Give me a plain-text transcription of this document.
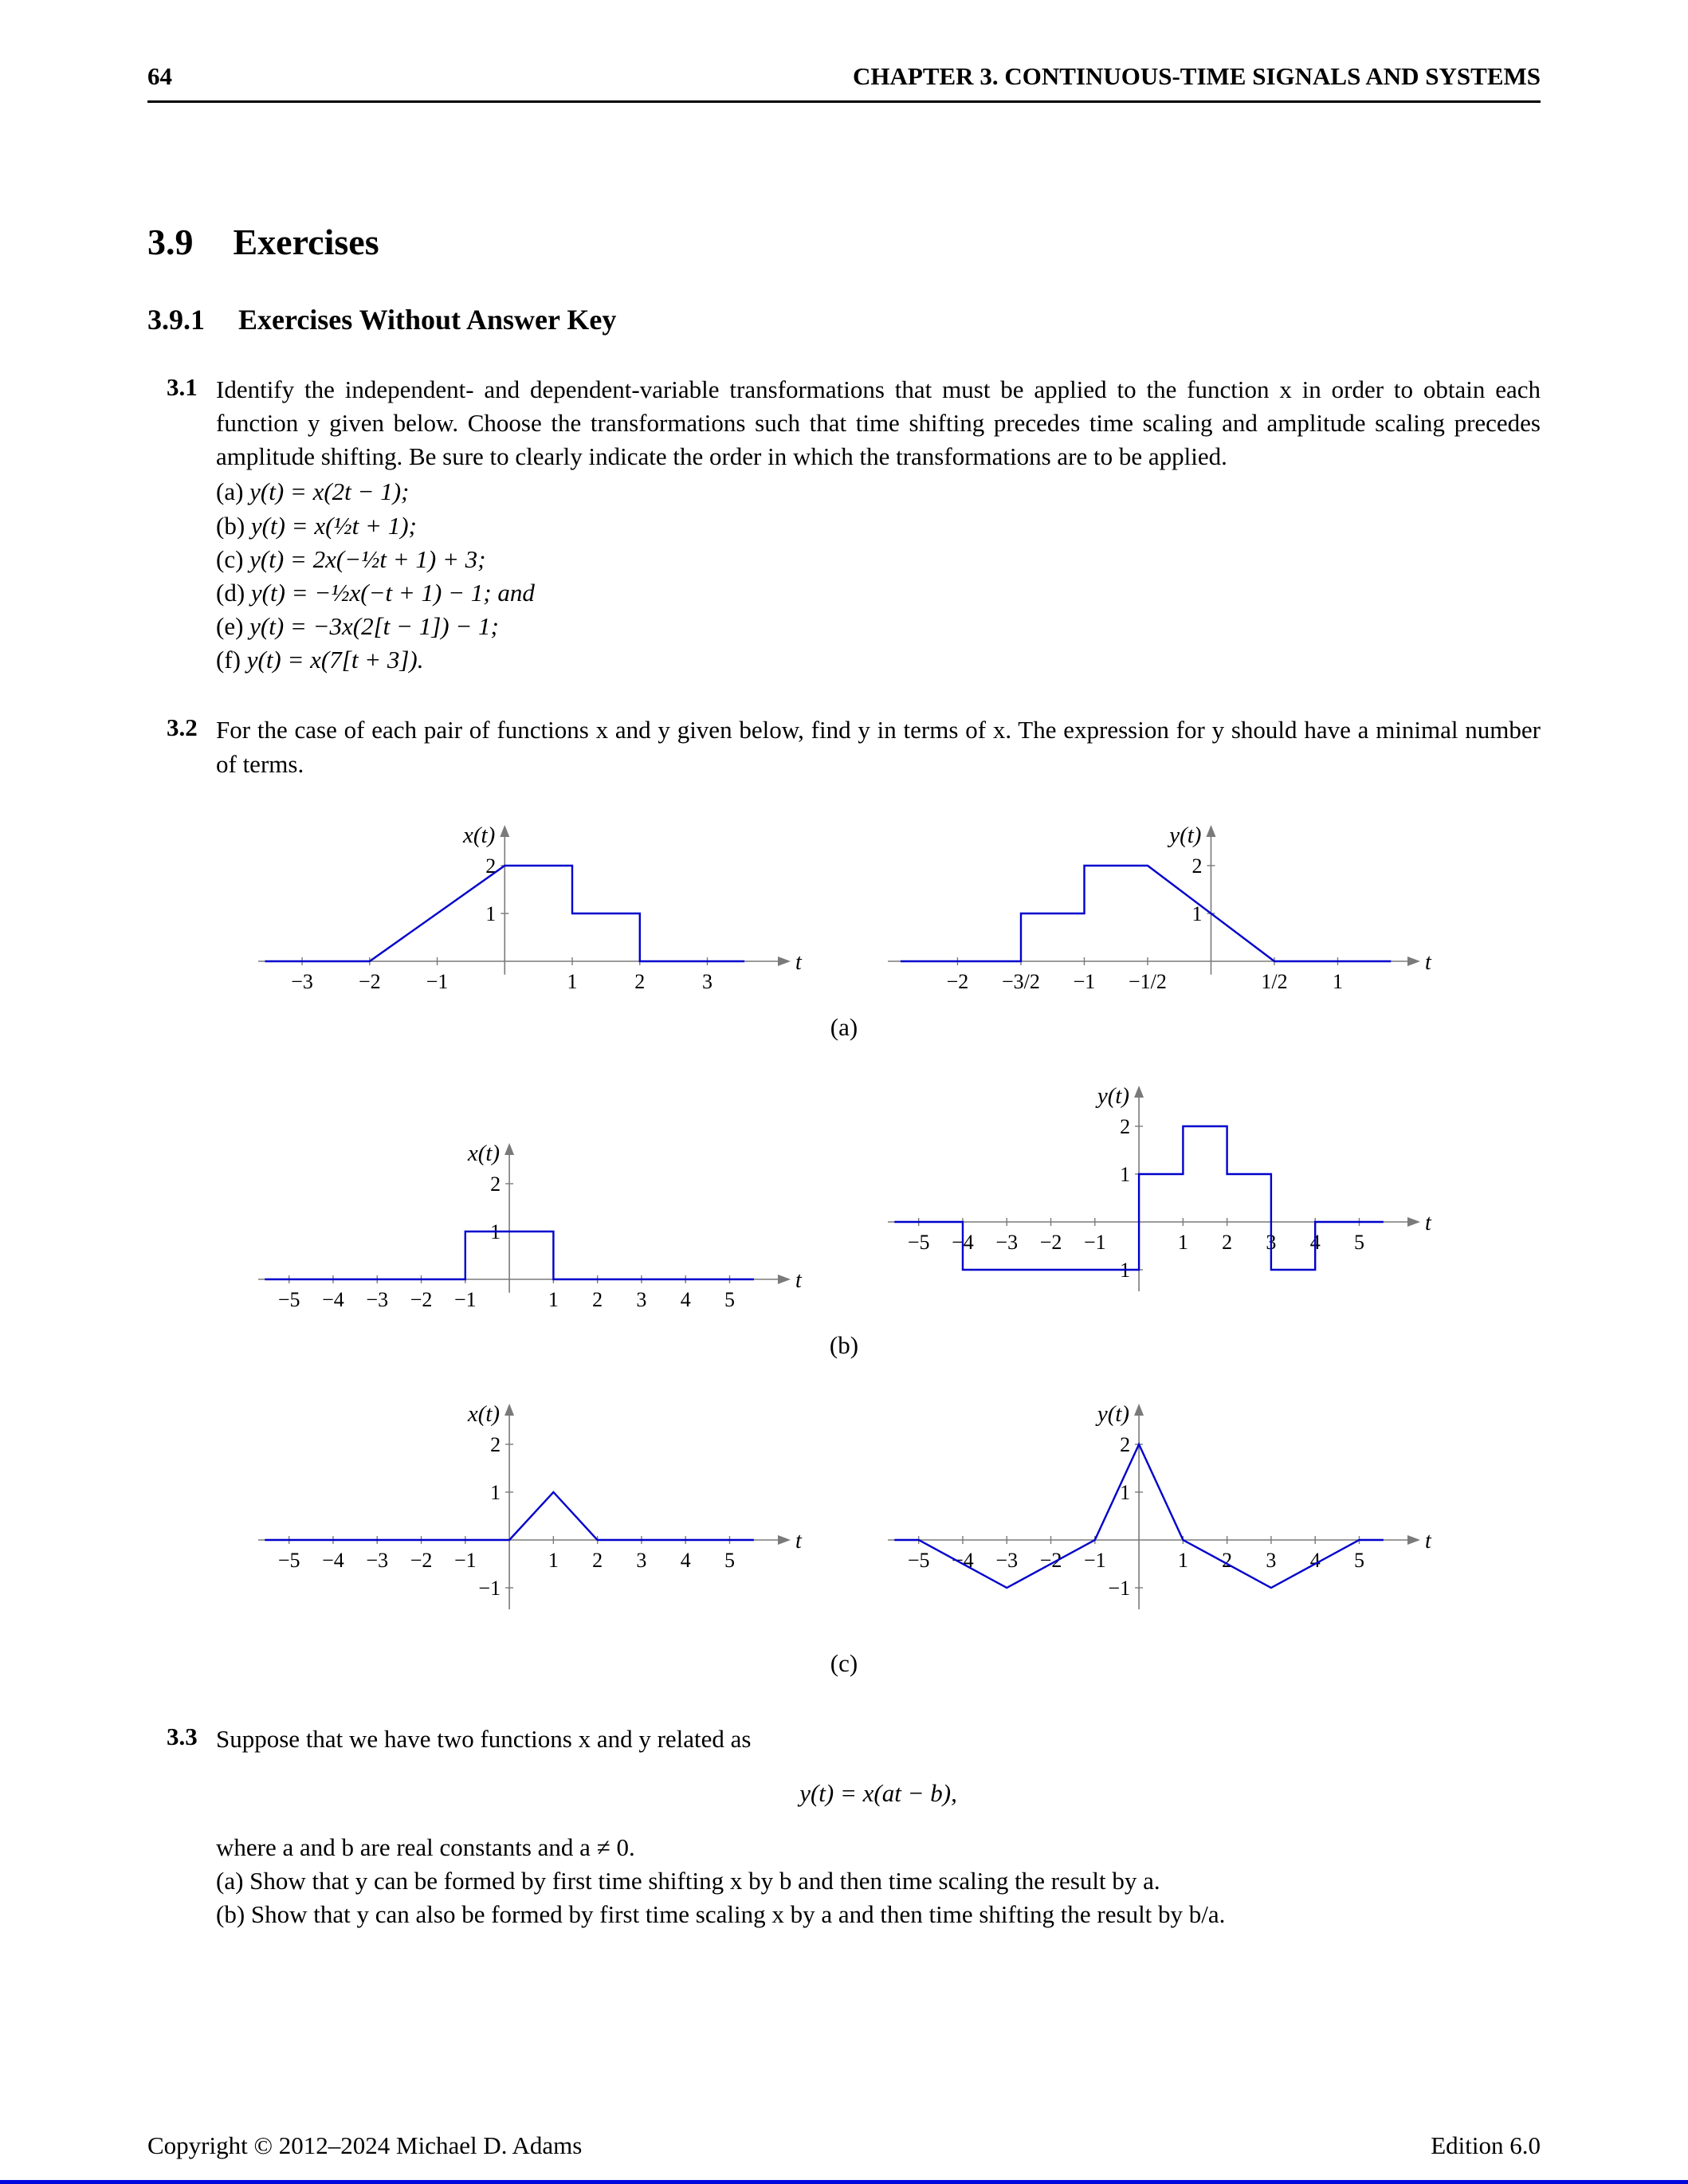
64	CHAPTER 3. CONTINUOUS-TIME SIGNALS AND SYSTEMS
3.9 Exercises
3.9.1 Exercises Without Answer Key
3.1 Identify the independent- and dependent-variable transformations that must be applied to the function x in order to obtain each function y given below. Choose the transformations such that time shifting precedes time scaling and amplitude scaling precedes amplitude shifting. Be sure to clearly indicate the order in which the transformations are to be applied.

(a) y(t) = x(2t − 1);
(b) y(t) = x(½t + 1);
(c) y(t) = 2x(−½t + 1) + 3;
(d) y(t) = −½x(−t + 1) − 1; and
(e) y(t) = −3x(2[t − 1]) − 1;
(f) y(t) = x(7[t + 3]).
3.2 For the case of each pair of functions x and y given below, find y in terms of x. The expression for y should have a minimal number of terms.

t
x(t)
−3 −2 −1	1	2	3
1
2
t
y(t)
−2 −3/2 −1 −1/2	1/2 1
1
2
(a)
t
x(t)
−5 −4 −3 −2 −1	1 2 3 4 5
1
2
t
y(t)
−5 −4 −3 −2 −1	1 2 3 4 5
1
2
−1
(b)
t
x(t)
−5 −4 −3 −2 −1	1 2 3 4 5
1
2
−1
t
y(t)
−5 −4 −3 −2 −1	1 2 3 4 5
1
2
−1
(c)
3.3 Suppose that we have two functions x and y related as

y(t) = x(at − b),

where a and b are real constants and a ≠ 0.

(a) Show that y can be formed by first time shifting x by b and then time scaling the result by a.

(b) Show that y can also be formed by first time scaling x by a and then time shifting the result by b/a.

Copyright © 2012–2024 Michael D. Adams	Edition 6.0
